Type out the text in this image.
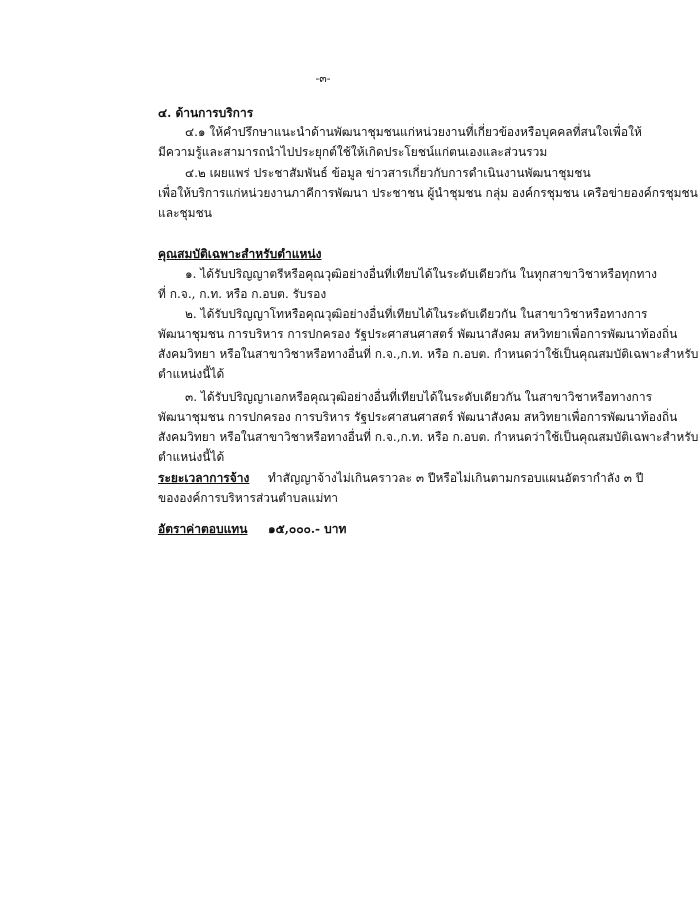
-๓-
๔. ด้านการบริการ
๔.๑ ให้คำปรึกษาแนะนำด้านพัฒนาชุมชนแก่หน่วยงานที่เกี่ยวข้องหรือบุคคลที่สนใจเพื่อให้
มีความรู้และสามารถนำไปประยุกต์ใช้ให้เกิดประโยชน์แก่ตนเองและส่วนรวม
๔.๒ เผยแพร่ ประชาสัมพันธ์ ข้อมูล ข่าวสารเกี่ยวกับการดำเนินงานพัฒนาชุมชน
เพื่อให้บริการแก่หน่วยงานภาคีการพัฒนา ประชาชน ผู้นำชุมชน กลุ่ม องค์กรชุมชน เครือข่ายองค์กรชุมชน
และชุมชน
คุณสมบัติเฉพาะสำหรับตำแหน่ง
๑. ได้รับปริญญาตรีหรือคุณวุฒิอย่างอื่นที่เทียบได้ในระดับเดียวกัน ในทุกสาขาวิชาหรือทุกทาง
ที่ ก.จ., ก.ท. หรือ ก.อบต. รับรอง
๒. ได้รับปริญญาโทหรือคุณวุฒิอย่างอื่นที่เทียบได้ในระดับเดียวกัน ในสาขาวิชาหรือทางการ
พัฒนาชุมชน การบริหาร การปกครอง รัฐประศาสนศาสตร์ พัฒนาสังคม สหวิทยาเพื่อการพัฒนาท้องถิ่น
สังคมวิทยา หรือในสาขาวิชาหรือทางอื่นที่ ก.จ.,ก.ท. หรือ ก.อบต. กำหนดว่าใช้เป็นคุณสมบัติเฉพาะสำหรับ
ตำแหน่งนี้ได้
๓. ได้รับปริญญาเอกหรือคุณวุฒิอย่างอื่นที่เทียบได้ในระดับเดียวกัน ในสาขาวิชาหรือทางการ
พัฒนาชุมชน การปกครอง การบริหาร รัฐประศาสนศาสตร์ พัฒนาสังคม สหวิทยาเพื่อการพัฒนาท้องถิ่น
สังคมวิทยา หรือในสาขาวิชาหรือทางอื่นที่ ก.จ.,ก.ท. หรือ ก.อบต. กำหนดว่าใช้เป็นคุณสมบัติเฉพาะสำหรับ
ตำแหน่งนี้ได้
ระยะเวลาการจ้าง ทำสัญญาจ้างไม่เกินคราวละ ๓ ปีหรือไม่เกินตามกรอบแผนอัตรากำลัง ๓ ปี
ขององค์การบริหารส่วนตำบลแม่ทา
อัตราค่าตอบแทน ๑๕,๐๐๐.- บาท
